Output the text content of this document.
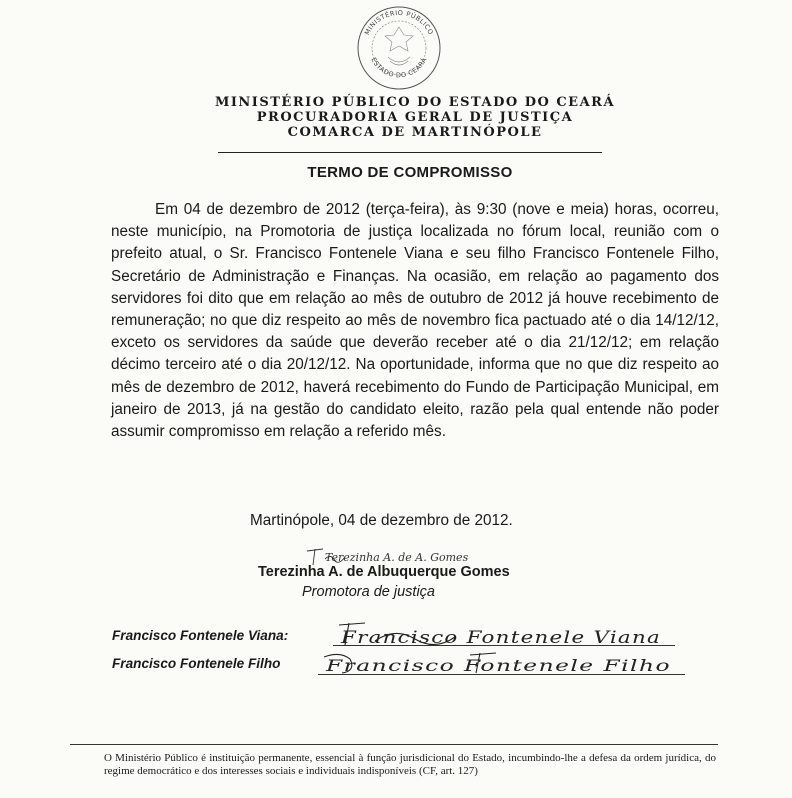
MINISTÉRIO PÚBLICO
ESTADO DO CEARÁ
MINISTÉRIO PÚBLICO DO ESTADO DO CEARÁ
PROCURADORIA GERAL DE JUSTIÇA
COMARCA DE MARTINÓPOLE
TERMO DE COMPROMISSO

Em 04 de dezembro de 2012 (terça-feira), às 9:30 (nove e meia) horas, ocorreu, neste município, na Promotoria de justiça localizada no fórum local, reunião com o prefeito atual, o Sr. Francisco Fontenele Viana e seu filho Francisco Fontenele Filho, Secretário de Administração e Finanças. Na ocasião, em relação ao pagamento dos servidores foi dito que em relação ao mês de outubro de 2012 já houve recebimento de remuneração; no que diz respeito ao mês de novembro fica pactuado até o dia 14/12/12, exceto os servidores da saúde que deverão receber até o dia 21/12/12; em relação décimo terceiro até o dia 20/12/12. Na oportunidade, informa que no que diz respeito ao mês de dezembro de 2012, haverá recebimento do Fundo de Participação Municipal, em janeiro de 2013, já na gestão do candidato eleito, razão pela qual entende não poder assumir compromisso em relação a referido mês.

Martinópole, 04 de dezembro de 2012.
Terezinha A. de A. Gomes
Terezinha A. de Albuquerque Gomes
Promotora de justiça
Francisco Fontenele Viana:	Francisco Fontenele Viana
Francisco Fontenele Filho	Francisco Fontenele Filho
O Ministério Público é instituição permanente, essencial à função jurisdicional do Estado, incumbindo-lhe a defesa da ordem jurídica, do regime democrático e dos interesses sociais e individuais indisponíveis (CF, art. 127)
